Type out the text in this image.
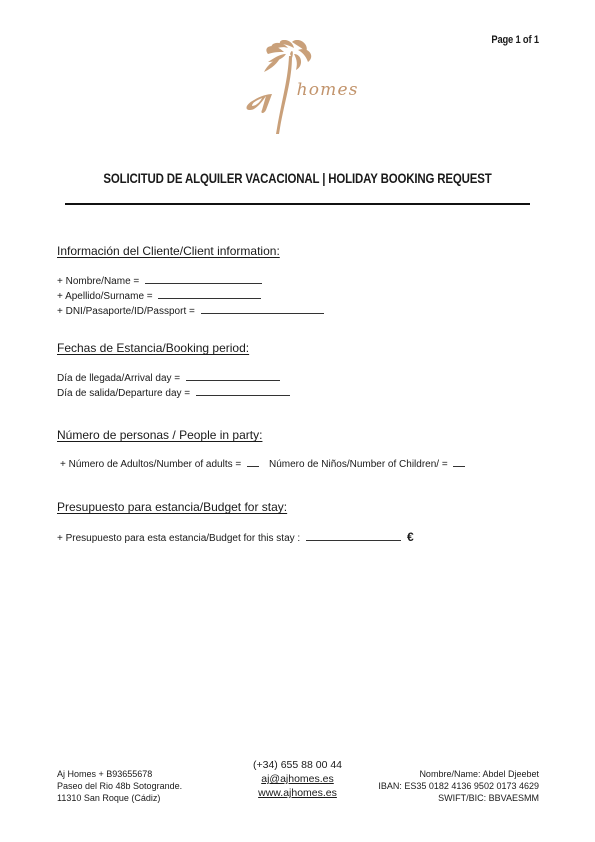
Page 1 of 1
homes
SOLICITUD DE ALQUILER VACACIONAL | HOLIDAY BOOKING REQUEST
Información del Cliente/Client information:
+ Nombre/Name =
+ Apellido/Surname =
+ DNI/Pasaporte/ID/Passport =
Fechas de Estancia/Booking period:
Día de llegada/Arrival day =
Día de salida/Departure day =
Número de personas / People in party:
+ Número de Adultos/Number of adults =	Número de Niños/Number of Children/ =
Presupuesto para estancia/Budget for stay:
+ Presupuesto para esta estancia/Budget for this stay :	€
Aj Homes + B93655678
Paseo del Rio 48b Sotogrande.
11310 San Roque (Cádiz)
(+34) 655 88 00 44
aj@ajhomes.es
www.ajhomes.es
Nombre/Name: Abdel Djeebet
IBAN: ES35 0182 4136 9502 0173 4629
SWIFT/BIC: BBVAESMM
